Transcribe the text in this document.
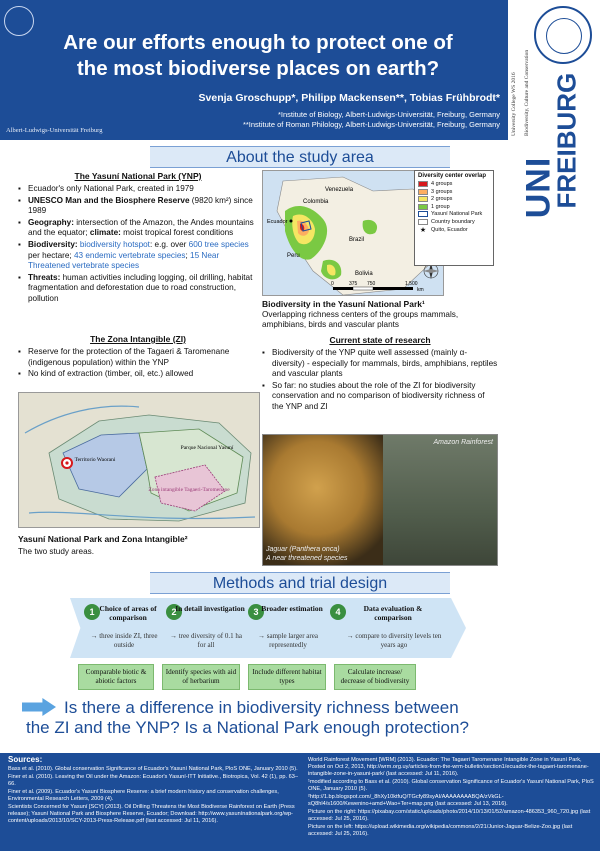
Are our efforts enough to protect one of
the most biodiverse places on earth?
Svenja Groschupp*, Philipp Mackensen**, Tobias Frühbrodt*
*Institute of Biology, Albert-Ludwigs-Universität, Freiburg, Germany
**Institute of Roman Philology, Albert-Ludwigs-Universität, Freiburg, Germany
Albert-Ludwigs-Universität Freiburg	University College WS 2016	Biodiversity, Culture and Conservation
UNI
FREIBURG
About the study area
The Yasuní National Park (YNP)
▪ Ecuador's only National Park, created in 1979
▪ UNESCO Man and the Biosphere Reserve (9820 km²) since 1989
▪ Geography: intersection of the Amazon, the Andes mountains and the equator; climate: moist tropical forest conditions
▪ Biodiversity: biodiversity hotspot: e.g. over 600 tree species per hectare; 43 endemic vertebrate species; 15 Near Threatened vertebrate species
▪ Threats: human activities including logging, oil drilling, habitat fragmentation and deforestation due to road construction, pollution
The Zona Intangible (ZI)
▪ Reserve for the protection of the Tagaeri & Taromenane (indigenous population) within the YNP
▪ No kind of extraction (timber, oil, etc.) allowed
Venezuela
Colombia
Ecuador
Brazil
Peru
Bolivia
0	375 750	1,500
km
Diversity center overlap
4 groups
3 groups
2 groups
1 group
Yasuní National Park
Country boundary
★ Quito, Ecuador
Biodiversity in the Yasuní National Park¹
Overlapping richness centers of the groups mammals, amphibians, birds and vascular plants
Current state of research
▪ Biodiversity of the YNP quite well assessed (mainly α-diversity) - especially for mammals, birds, amphibians, reptiles and vascular plants
▪ So far: no studies about the role of the ZI for biodiversity conservation and no comparison of biodiversity richness of the YNP and ZI
Territorio Waorani
Parque Nacional Yasuní
Zona intangible Tagaeri-Taromenane
Yasuní National Park and Zona Intangible²
The two study areas.
Amazon Rainforest
Jaguar (Panthera onca)
A near threatened species
Methods and trial design
1 Choice of areas of comparison
→ three inside ZI, three outside
2
In detail investigation
→ tree diversity of 0.1 ha for all
3 Broader estimation
→ sample larger area representedly
4	Data evaluation & comparison
→ compare to diversity levels ten years ago
Comparable biotic & abiotic factors
Identify species with aid of herbarium
Include different habitat types
Calculate increase/ decrease of biodiversity
Is there a difference in biodiversity richness between
the ZI and the YNP? Is a National Park enough protection?
Sources:

Bass et al. (2010). Global conservation Significance of Ecuador's Yasuní National Park, PloS ONE, January 2010 (5).

Finer et al. (2010). Leaving the Oil under the Amazon: Ecuador's Yasuní-ITT Initiative., Biotropica, Vol. 42 (1), pp. 63–66.

Finer et al. (2009). Ecuador's Yasuní Biosphere Reserve: a brief modern history and conservation challenges, Environmental Research Letters, 2009 (4).

Scientists Concerned for Yasuní [SCY] (2013). Oil Drilling Threatens the Most Biodiverse Rainforest on Earth (Press release); Yasuní National Park and Biosphere Reserve, Ecuador; Download: http://www.yasunínationalpark.org/wp-content/uploads/2013/10/SCY-2013-Press-Release.pdf (last accessed: Jul 11, 2016).

World Rainforest Movement [WRM] (2013). Ecuador: The Tagaeri Taromenane Intangible Zone in Yasuní Park, Posted on Oct 2, 2013, http://wrm.org.uy/articles-from-the-wrm-bulletin/section1/ecuador-the-tagaeri-taromenane-intangible-zone-in-yasuni-park/ (last accessed: Jul 11, 2016).

¹modified according to Bass et al. (2010). Global conservation Significance of Ecuador's Yasuní National Park, PloS ONE, January 2010 (5).

²http://1.bp.blogspot.com/_8hXy10ktfuQ/TGcfy89syAI/AAAAAAAABQA/zVkGL-sQ8hl4/s1600/Kewenino+amd+Wao+Ter+map.png (last accessed: Jul 13, 2016).

Picture on the right: https://pixabay.com/static/uploads/photo/2014/10/13/01/52/amazon-486353_960_720.jpg (last accessed: Jul 25, 2016).

Picture on the left: https://upload.wikimedia.org/wikipedia/commons/2/21/Junior-Jaguar-Belize-Zoo.jpg (last accessed: Jul 25, 2016).
